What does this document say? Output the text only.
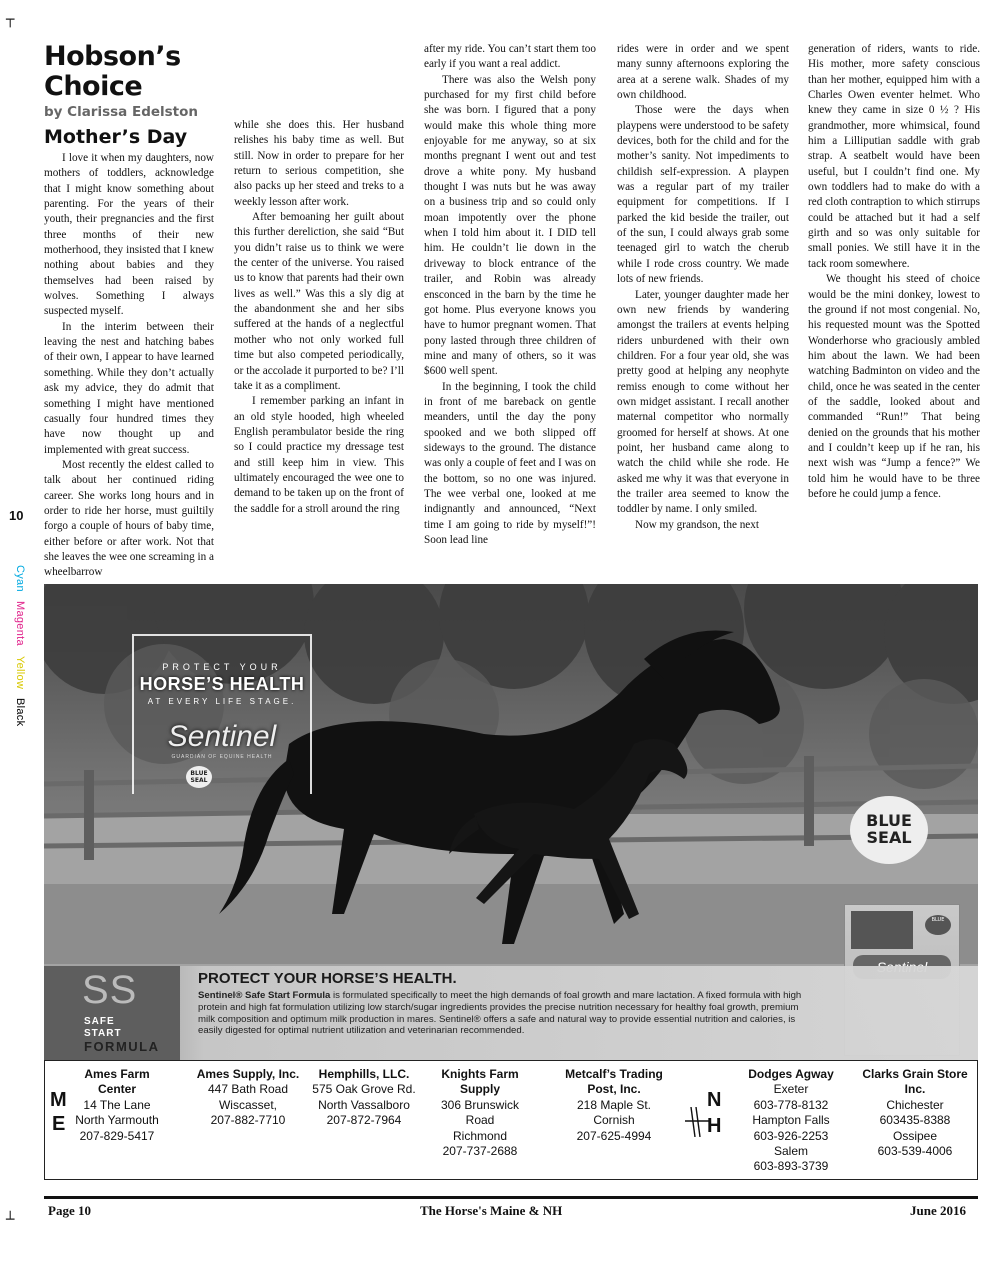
┬
┴
10
Cyan Magenta Yellow Black
Hobson’s Choice
by Clarissa Edelston
Mother’s Day

I love it when my daughters, now mothers of toddlers, acknowledge that I might know something about parenting. For the years of their youth, their pregnancies and the first three months of their new motherhood, they insisted that I knew nothing about babies and they themselves had been raised by wolves. Something I always suspected myself.

In the interim between their leaving the nest and hatching babes of their own, I appear to have learned something. While they don’t actually ask my advice, they do admit that something I might have mentioned casually four hundred times they have now thought up and implemented with great success.

Most recently the eldest called to talk about her continued riding career. She works long hours and in order to ride her horse, must guiltily forgo a couple of hours of baby time, either before or after work. Not that she leaves the wee one screaming in a wheelbarrow

while she does this. Her husband relishes his baby time as well. But still. Now in order to prepare for her return to serious competition, she also packs up her steed and treks to a weekly lesson after work.

After bemoaning her guilt about this further dereliction, she said “But you didn’t raise us to think we were the center of the universe. You raised us to know that parents had their own lives as well.” Was this a sly dig at the abandonment she and her sibs suffered at the hands of a neglectful mother who not only worked full time but also competed periodically, or the accolade it purported to be? I’ll take it as a compliment.

I remember parking an infant in an old style hooded, high wheeled English perambulator beside the ring so I could practice my dressage test and still keep him in view. This ultimately encouraged the wee one to demand to be taken up on the front of the saddle for a stroll around the ring

after my ride. You can’t start them too early if you want a real addict.

There was also the Welsh pony purchased for my first child before she was born. I figured that a pony would make this whole thing more enjoyable for me anyway, so at six months pregnant I went out and test drove a white pony. My husband thought I was nuts but he was away on a business trip and so could only moan impotently over the phone when I told him about it. I DID tell him. He couldn’t lie down in the driveway to block entrance of the trailer, and Robin was already ensconced in the barn by the time he got home. Plus everyone knows you have to humor pregnant women. That pony lasted through three children of mine and many of others, so it was $600 well spent.

In the beginning, I took the child in front of me bareback on gentle meanders, until the day the pony spooked and we both slipped off sideways to the ground. The distance was only a couple of feet and I was on the bottom, so no one was injured. The wee verbal one, looked at me indignantly and announced, “Next time I am going to ride by myself!”! Soon lead line

rides were in order and we spent many sunny afternoons exploring the area at a serene walk. Shades of my own childhood.

Those were the days when playpens were understood to be safety devices, both for the child and for the mother’s sanity. Not impediments to childish self-expression. A playpen was a regular part of my trailer equipment for competitions. If I parked the kid beside the trailer, out of the sun, I could always grab some teenaged girl to watch the cherub while I rode cross country. We made lots of new friends.

Later, younger daughter made her own new friends by wandering amongst the trailers at events helping riders unburdened with their own children. For a four year old, she was pretty good at helping any neophyte remiss enough to come without her own midget assistant. I recall another maternal competitor who normally groomed for herself at shows. At one point, her husband came along to watch the child while she rode. He asked me why it was that everyone in the trailer area seemed to know the toddler by name. I only smiled.

Now my grandson, the next

generation of riders, wants to ride. His mother, more safety conscious than her mother, equipped him with a Charles Owen eventer helmet. Who knew they came in size 0 ½ ? His grandmother, more whimsical, found him a Lilliputian saddle with grab strap. A seatbelt would have been useful, but I couldn’t find one. My own toddlers had to make do with a red cloth contraption to which stirrups could be attached but it had a self girth and so was only suitable for small ponies. We still have it in the tack room somewhere.

We thought his steed of choice would be the mini donkey, lowest to the ground if not most congenial. No, his requested mount was the Spotted Wonderhorse who graciously ambled him about the lawn. We had been watching Badminton on video and the child, once he was seated in the center of the saddle, looked about and commanded “Run!” That being denied on the grounds that his mother and I couldn’t keep up if he ran, his next wish was “Jump a fence?” We told him he would have to be three before he could jump a fence.

PROTECT YOUR
HORSE’S HEALTH
AT EVERY LIFE STAGE.
Sentinel
GUARDIAN OF EQUINE HEALTH
BLUE
SEAL
BLUE
SEAL
BLUE
SS
SAFE
START
FORMULA
PROTECT YOUR HORSE’S HEALTH.
Sentinel® Safe Start Formula is formulated specifically to meet the high demands of foal growth and mare lactation. A fixed formula with high protein and high fat formulation utilizing low starch/sugar ingredients provides the precise nutrition necessary for healthy foal growth, premium milk composition and optimum milk production in mares. Sentinel® offers a safe and natural way to provide essential nutrition and calories, is easily digested for optimal nutrient utilization and veterinarian recommended.
M
E
Ames Farm Center
14 The Lane
North Yarmouth
207-829-5417
Ames Supply, Inc.
447 Bath Road
Wiscasset,
207-882-7710
Hemphills, LLC.
575 Oak Grove Rd.
North Vassalboro
207-872-7964
Knights Farm Supply
306 Brunswick Road
Richmond
207-737-2688
Metcalf’s Trading Post, Inc.
218 Maple St.
Cornish
207-625-4994
N
H
Dodges Agway
Exeter
603-778-8132
Hampton Falls
603-926-2253
Salem
603-893-3739
Clarks Grain Store Inc.
Chichester
603435-8388
Ossipee
603-539-4006
Page 10	The Horse's Maine & NH	June 2016
